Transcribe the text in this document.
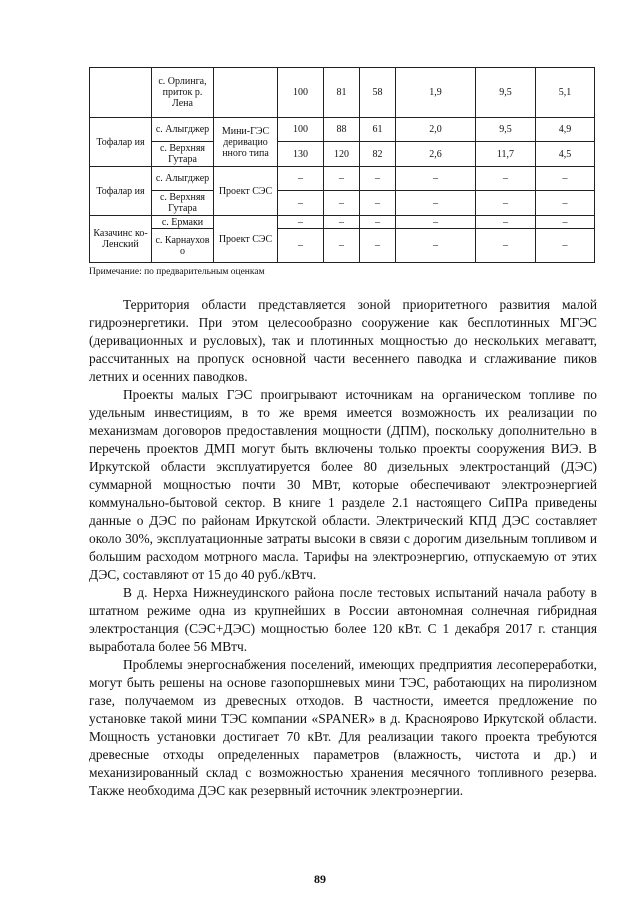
	с. Орлинга, приток р. Лена		100	81	58	1,9	9,5	5,1
Тофалар ия	с. Алыгджер	Мини-ГЭС деривацио нного типа	100	88	61	2,0	9,5	4,9
	с. Верхняя Гутара		130	120	82	2,6	11,7	4,5
Тофалар ия	с. Алыгджер	Проект СЭС	–	–	–	–	–	–
	с. Верхняя Гутара		–	–	–	–	–	–
Казачинс ко-Ленский	с. Ермаки	Проект СЭС	–	–	–	–	–	–
	с. Карнаухов о		–	–	–	–	–	–
Примечание: по предварительным оценкам

Территория области представляется зоной приоритетного развития малой гидроэнергетики. При этом целесообразно сооружение как бесплотинных МГЭС (деривационных и русловых), так и плотинных мощностью до нескольких мегаватт, рассчитанных на пропуск основной части весеннего паводка и сглаживание пиков летних и осенних паводков.

Проекты малых ГЭС проигрывают источникам на органическом топливе по удельным инвестициям, в то же время имеется возможность их реализации по механизмам договоров предоставления мощности (ДПМ), поскольку дополнительно в перечень проектов ДМП могут быть включены только проекты сооружения ВИЭ. В Иркутской области эксплуатируется более 80 дизельных электростанций (ДЭС) суммарной мощностью почти 30 МВт, которые обеспечивают электроэнергией коммунально-бытовой сектор. В книге 1 разделе 2.1 настоящего СиПРа приведены данные о ДЭС по районам Иркутской области. Электрический КПД ДЭС составляет около 30%, эксплуатационные затраты высоки в связи с дорогим дизельным топливом и большим расходом мотрного масла. Тарифы на электроэнергию, отпускаемую от этих ДЭС, составляют от 15 до 40 руб./кВтч.

В д. Нерха Нижнеудинского района после тестовых испытаний начала работу в штатном режиме одна из крупнейших в России автономная солнечная гибридная электростанция (СЭС+ДЭС) мощностью более 120 кВт. С 1 декабря 2017 г. станция выработала более 56 МВтч.

Проблемы энергоснабжения поселений, имеющих предприятия лесопереработки, могут быть решены на основе газопоршневых мини ТЭС, работающих на пиролизном газе, получаемом из древесных отходов. В частности, имеется предложение по установке такой мини ТЭС компании «SPANER» в д. Красноярово Иркутской области. Мощность установки достигает 70 кВт. Для реализации такого проекта требуются древесные отходы определенных параметров (влажность, чистота и др.) и механизированный склад с возможностью хранения месячного топливного резерва. Также необходима ДЭС как резервный источник электроэнергии.

89
